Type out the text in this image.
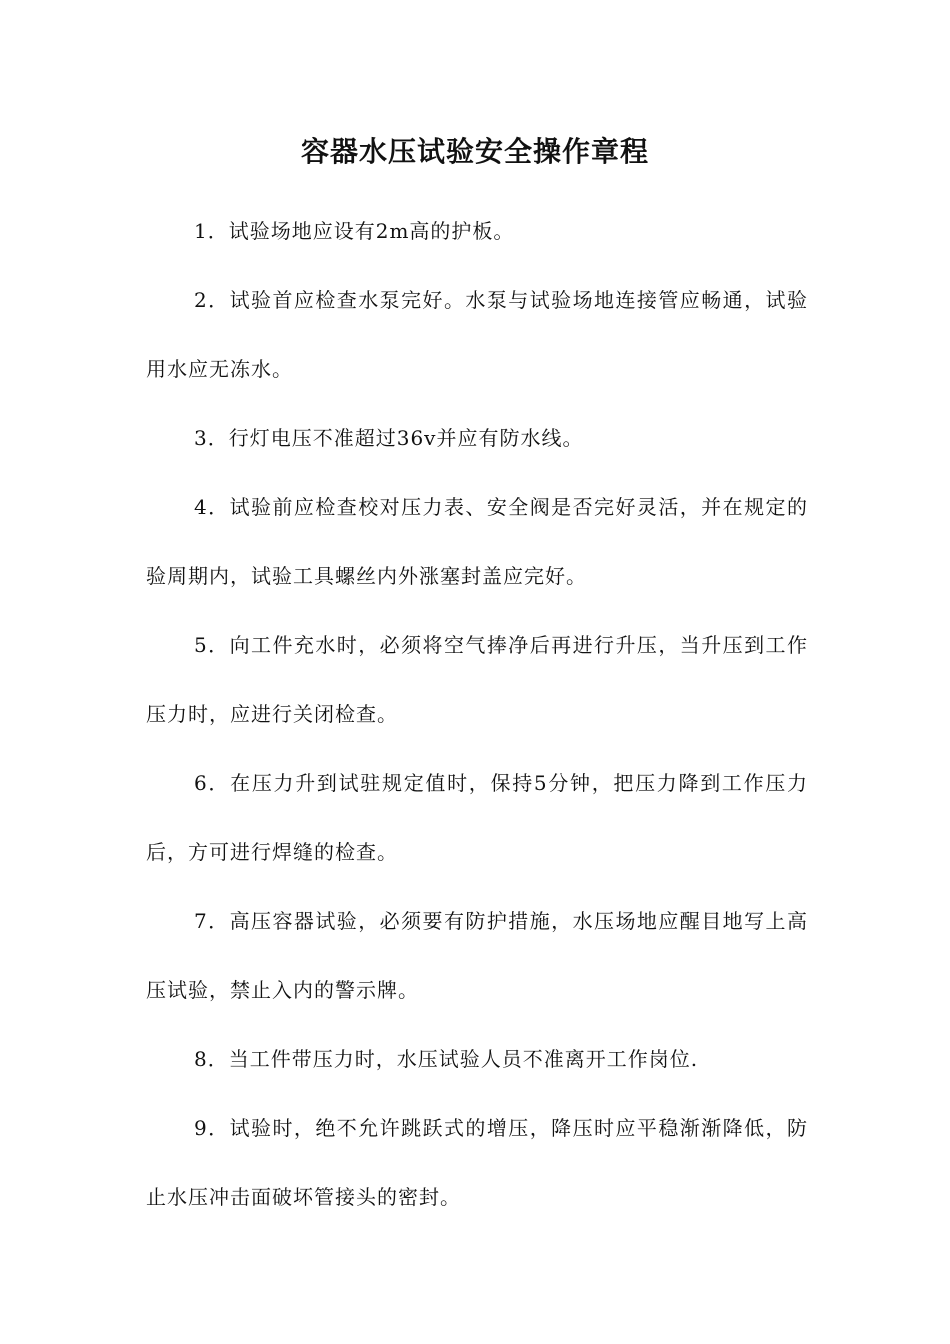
容器水压试验安全操作章程

1．试验场地应设有2m高的护板。

2．试验首应检查水泵完好。水泵与试验场地连接管应畅通，试验用水应无冻水。

3．行灯电压不准超过36v并应有防水线。

4．试验前应检查校对压力表、安全阀是否完好灵活，并在规定的验周期内，试验工具螺丝内外涨塞封盖应完好。

5．向工件充水时，必须将空气捧净后再进行升压，当升压到工作压力时，应进行关闭检查。

6．在压力升到试驻规定值时，保持5分钟，把压力降到工作压力后，方可进行焊缝的检查。

7．高压容器试验，必须要有防护措施，水压场地应醒目地写上高压试验，禁止入内的警示牌。

8．当工件带压力时，水压试验人员不准离开工作岗位.

9．试验时，绝不允许跳跃式的增压，降压时应平稳渐渐降低，防止水压冲击面破坏管接头的密封。
